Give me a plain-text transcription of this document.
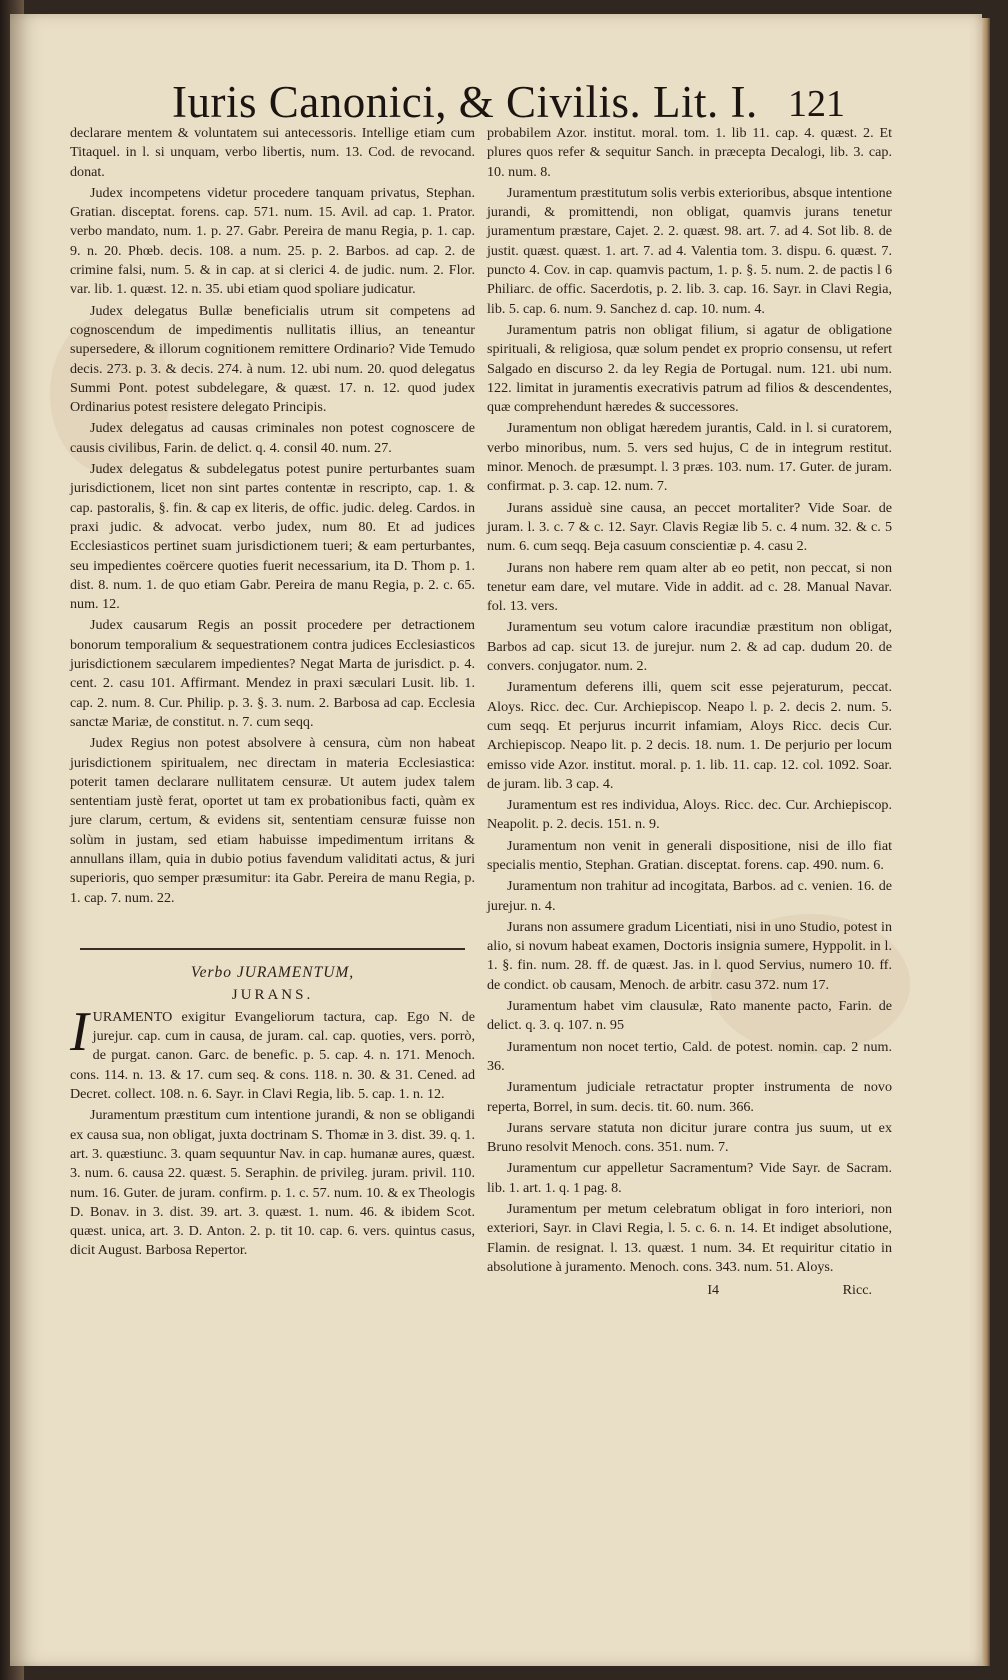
Iuris Canonici, & Civilis. Lit. I. 121

declarare mentem & voluntatem sui antecessoris. Intellige etiam cum Titaquel. in l. si unquam, verbo libertis, num. 13. Cod. de revocand. donat.

Judex incompetens videtur procedere tanquam privatus, Stephan. Gratian. disceptat. forens. cap. 571. num. 15. Avil. ad cap. 1. Prator. verbo mandato, num. 1. p. 27. Gabr. Pereira de manu Regia, p. 1. cap. 9. n. 20. Phœb. decis. 108. a num. 25. p. 2. Barbos. ad cap. 2. de crimine falsi, num. 5. & in cap. at si clerici 4. de judic. num. 2. Flor. var. lib. 1. quæst. 12. n. 35. ubi etiam quod spoliare judicatur.

Judex delegatus Bullæ beneficialis utrum sit competens ad cognoscendum de impedimentis nullitatis illius, an teneantur supersedere, & illorum cognitionem remittere Ordinario? Vide Temudo decis. 273. p. 3. & decis. 274. à num. 12. ubi num. 20. quod delegatus Summi Pont. potest subdelegare, & quæst. 17. n. 12. quod judex Ordinarius potest resistere delegato Principis.

Judex delegatus ad causas criminales non potest cognoscere de causis civilibus, Farin. de delict. q. 4. consil 40. num. 27.

Judex delegatus & subdelegatus potest punire perturbantes suam jurisdictionem, licet non sint partes contentæ in rescripto, cap. 1. & cap. pastoralis, §. fin. & cap ex literis, de offic. judic. deleg. Cardos. in praxi judic. & advocat. verbo judex, num 80. Et ad judices Ecclesiasticos pertinet suam jurisdictionem tueri; & eam perturbantes, seu impedientes coërcere quoties fuerit necessarium, ita D. Thom p. 1. dist. 8. num. 1. de quo etiam Gabr. Pereira de manu Regia, p. 2. c. 65. num. 12.

Judex causarum Regis an possit procedere per detractionem bonorum temporalium & sequestrationem contra judices Ecclesiasticos jurisdictionem sæcularem impedientes? Negat Marta de jurisdict. p. 4. cent. 2. casu 101. Affirmant. Mendez in praxi sæculari Lusit. lib. 1. cap. 2. num. 8. Cur. Philip. p. 3. §. 3. num. 2. Barbosa ad cap. Ecclesia sanctæ Mariæ, de constitut. n. 7. cum seqq.

Judex Regius non potest absolvere à censura, cùm non habeat jurisdictionem spiritualem, nec directam in materia Ecclesiastica: poterit tamen declarare nullitatem censuræ. Ut autem judex talem sententiam justè ferat, oportet ut tam ex probationibus facti, quàm ex jure clarum, certum, & evidens sit, sententiam censuræ fuisse non solùm in justam, sed etiam habuisse impedimentum irritans & annullans illam, quia in dubio potius favendum validitati actus, & juri superioris, quo semper præsumitur: ita Gabr. Pereira de manu Regia, p. 1. cap. 7. num. 22.

Verbo JURAMENTUM,

JURANS.

I URAMENTO exigitur Evangeliorum tactura, cap. Ego N. de jurejur. cap. cum in causa, de juram. cal. cap. quoties, vers. porrò, de purgat. canon. Garc. de benefic. p. 5. cap. 4. n. 171. Menoch. cons. 114. n. 13. & 17. cum seq. & cons. 118. n. 30. & 31. Cened. ad Decret. collect. 108. n. 6. Sayr. in Clavi Regia, lib. 5. cap. 1. n. 12.

Juramentum præstitum cum intentione jurandi, & non se obligandi ex causa sua, non obligat, juxta doctrinam S. Thomæ in 3. dist. 39. q. 1. art. 3. quæstiunc. 3. quam sequuntur Nav. in cap. humanæ aures, quæst. 3. num. 6. causa 22. quæst. 5. Seraphin. de privileg. juram. privil. 110. num. 16. Guter. de juram. confirm. p. 1. c. 57. num. 10. & ex Theologis D. Bonav. in 3. dist. 39. art. 3. quæst. 1. num. 46. & ibidem Scot. quæst. unica, art. 3. D. Anton. 2. p. tit 10. cap. 6. vers. quintus casus, dicit August. Barbosa Repertor.

probabilem Azor. institut. moral. tom. 1. lib 11. cap. 4. quæst. 2. Et plures quos refer & sequitur Sanch. in præcepta Decalogi, lib. 3. cap. 10. num. 8.

Juramentum præstitutum solis verbis exterioribus, absque intentione jurandi, & promittendi, non obligat, quamvis jurans tenetur juramentum præstare, Cajet. 2. 2. quæst. 98. art. 7. ad 4. Sot lib. 8. de justit. quæst. quæst. 1. art. 7. ad 4. Valentia tom. 3. dispu. 6. quæst. 7. puncto 4. Cov. in cap. quamvis pactum, 1. p. §. 5. num. 2. de pactis l 6 Philiarc. de offic. Sacerdotis, p. 2. lib. 3. cap. 16. Sayr. in Clavi Regia, lib. 5. cap. 6. num. 9. Sanchez d. cap. 10. num. 4.

Juramentum patris non obligat filium, si agatur de obligatione spirituali, & religiosa, quæ solum pendet ex proprio consensu, ut refert Salgado en discurso 2. da ley Regia de Portugal. num. 121. ubi num. 122. limitat in juramentis execrativis patrum ad filios & descendentes, quæ comprehendunt hæredes & successores.

Juramentum non obligat hæredem jurantis, Cald. in l. si curatorem, verbo minoribus, num. 5. vers sed hujus, C de in integrum restitut. minor. Menoch. de præsumpt. l. 3 præs. 103. num. 17. Guter. de juram. confirmat. p. 3. cap. 12. num. 7.

Jurans assiduè sine causa, an peccet mortaliter? Vide Soar. de juram. l. 3. c. 7 & c. 12. Sayr. Clavis Regiæ lib 5. c. 4 num. 32. & c. 5 num. 6. cum seqq. Beja casuum conscientiæ p. 4. casu 2.

Jurans non habere rem quam alter ab eo petit, non peccat, si non tenetur eam dare, vel mutare. Vide in addit. ad c. 28. Manual Navar. fol. 13. vers.

Juramentum seu votum calore iracundiæ præstitum non obligat, Barbos ad cap. sicut 13. de jurejur. num 2. & ad cap. dudum 20. de convers. conjugator. num. 2.

Juramentum deferens illi, quem scit esse pejeraturum, peccat. Aloys. Ricc. dec. Cur. Archiepiscop. Neapo l. p. 2. decis 2. num. 5. cum seqq. Et perjurus incurrit infamiam, Aloys Ricc. decis Cur. Archiepiscop. Neapo lit. p. 2 decis. 18. num. 1. De perjurio per locum emisso vide Azor. institut. moral. p. 1. lib. 11. cap. 12. col. 1092. Soar. de juram. lib. 3 cap. 4.

Juramentum est res individua, Aloys. Ricc. dec. Cur. Archiepiscop. Neapolit. p. 2. decis. 151. n. 9.

Juramentum non venit in generali dispositione, nisi de illo fiat specialis mentio, Stephan. Gratian. disceptat. forens. cap. 490. num. 6.

Juramentum non trahitur ad incogitata, Barbos. ad c. venien. 16. de jurejur. n. 4.

Jurans non assumere gradum Licentiati, nisi in uno Studio, potest in alio, si novum habeat examen, Doctoris insignia sumere, Hyppolit. in l. 1. §. fin. num. 28. ff. de quæst. Jas. in l. quod Servius, numero 10. ff. de condict. ob causam, Menoch. de arbitr. casu 372. num 17.

Juramentum habet vim clausulæ, Rato manente pacto, Farin. de delict. q. 3. q. 107. n. 95

Juramentum non nocet tertio, Cald. de potest. nomin. cap. 2 num. 36.

Juramentum judiciale retractatur propter instrumenta de novo reperta, Borrel, in sum. decis. tit. 60. num. 366.

Jurans servare statuta non dicitur jurare contra jus suum, ut ex Bruno resolvit Menoch. cons. 351. num. 7.

Juramentum cur appelletur Sacramentum? Vide Sayr. de Sacram. lib. 1. art. 1. q. 1 pag. 8.

Juramentum per metum celebratum obligat in foro interiori, non exteriori, Sayr. in Clavi Regia, l. 5. c. 6. n. 14. Et indiget absolutione, Flamin. de resignat. l. 13. quæst. 1 num. 34. Et requiritur citatio in absolutione à juramento. Menoch. cons. 343. num. 51. Aloys.

I4	Ricc.
